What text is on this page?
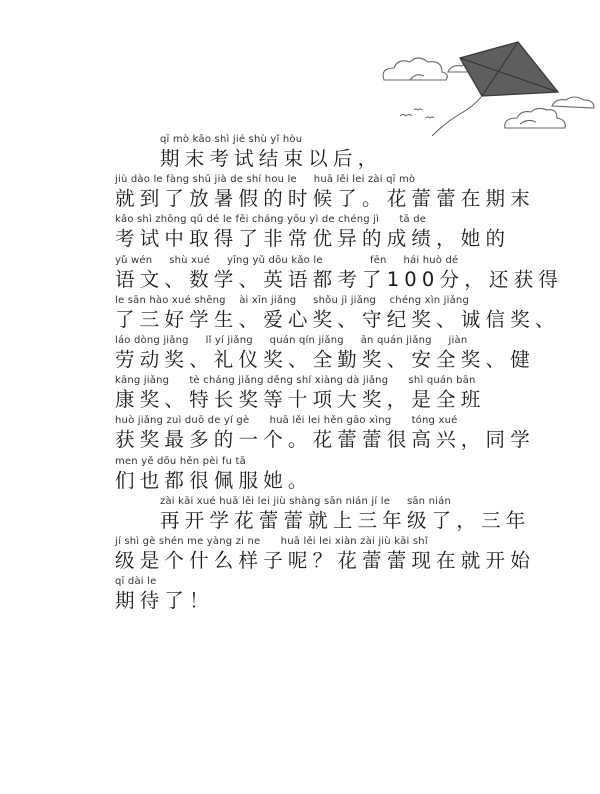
qī mò kǎo shì jié shù yǐ hòu
期末考试结束以后，
jiù dào le fàng shǔ jià de shí hou le     huā lěi lei zài qī mò
就到了放暑假的时候了。花蕾蕾在期末
kǎo shì zhōng qǔ dé le fēi cháng yōu yì de chéng jì      tā de
考试中取得了非常优异的成绩，她的
yǔ wén     shù xué     yīng yǔ dōu kǎo le              fēn     hái huò dé
语文、数学、英语都考了100分，还获得
le sān hào xué shēng    ài xīn jiǎng     shǒu jì jiǎng    chéng xìn jiǎng
了三好学生、爱心奖、守纪奖、诚信奖、
láo dòng jiǎng     lǐ yí jiǎng     quán qín jiǎng     ān quán jiǎng     jiàn
劳动奖、礼仪奖、全勤奖、安全奖、健
kāng jiǎng      tè cháng jiǎng děng shí xiàng dà jiǎng      shì quán bān
康奖、特长奖等十项大奖，是全班
huò jiǎng zuì duō de yí gè      huā lěi lei hěn gāo xìng      tóng xué
获奖最多的一个。花蕾蕾很高兴，同学
men yě dōu hěn pèi fu tā
们也都很佩服她。
zài kāi xué huā lěi lei jiù shàng sān nián jí le     sān nián
再开学花蕾蕾就上三年级了，三年
jí shì gè shén me yàng zi ne      huā lěi lei xiàn zài jiù kāi shǐ
级是个什么样子呢？花蕾蕾现在就开始
qī dài le
期待了！
